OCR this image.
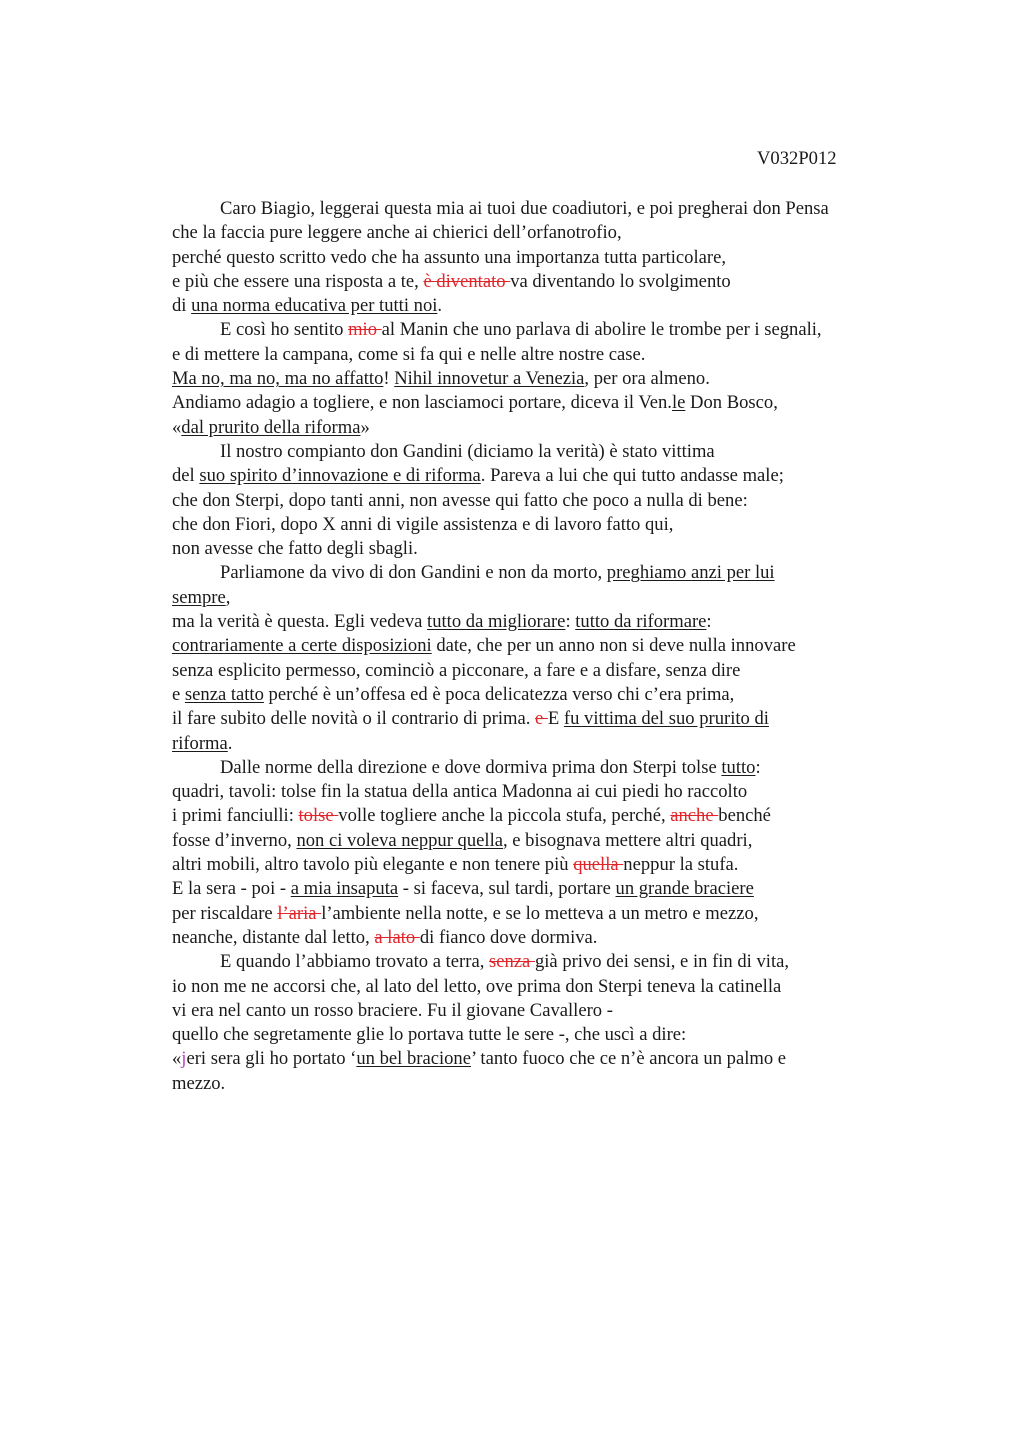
V032P012
Caro Biagio, leggerai questa mia ai tuoi due coadiutori, e poi pregherai don Pensa
che la faccia pure leggere anche ai chierici dell’orfanotrofio,
perché questo scritto vedo che ha assunto una importanza tutta particolare,
e più che essere una risposta a te, è diventato va diventando lo svolgimento
di una norma educativa per tutti noi.
E così ho sentito mio al Manin che uno parlava di abolire le trombe per i segnali,
e di mettere la campana, come si fa qui e nelle altre nostre case.
Ma no, ma no, ma no affatto! Nihil innovetur a Venezia, per ora almeno.
Andiamo adagio a togliere, e non lasciamoci portare, diceva il Ven.le Don Bosco,
«dal prurito della riforma»
Il nostro compianto don Gandini (diciamo la verità) è stato vittima
del suo spirito d’innovazione e di riforma. Pareva a lui che qui tutto andasse male;
che don Sterpi, dopo tanti anni, non avesse qui fatto che poco a nulla di bene:
che don Fiori, dopo X anni di vigile assistenza e di lavoro fatto qui,
non avesse che fatto degli sbagli.
Parliamone da vivo di don Gandini e non da morto, preghiamo anzi per lui
sempre,
ma la verità è questa. Egli vedeva tutto da migliorare: tutto da riformare:
contrariamente a certe disposizioni date, che per un anno non si deve nulla innovare
senza esplicito permesso, cominciò a picconare, a fare e a disfare, senza dire
e senza tatto perché è un’offesa ed è poca delicatezza verso chi c’era prima,
il fare subito delle novità o il contrario di prima. e E fu vittima del suo prurito di
riforma.
Dalle norme della direzione e dove dormiva prima don Sterpi tolse tutto:
quadri, tavoli: tolse fin la statua della antica Madonna ai cui piedi ho raccolto
i primi fanciulli: tolse volle togliere anche la piccola stufa, perché, anche benché
fosse d’inverno, non ci voleva neppur quella, e bisognava mettere altri quadri,
altri mobili, altro tavolo più elegante e non tenere più quella neppur la stufa.
E la sera - poi - a mia insaputa - si faceva, sul tardi, portare un grande braciere
per riscaldare l’aria l’ambiente nella notte, e se lo metteva a un metro e mezzo,
neanche, distante dal letto, a lato di fianco dove dormiva.
E quando l’abbiamo trovato a terra, senza già privo dei sensi, e in fin di vita,
io non me ne accorsi che, al lato del letto, ove prima don Sterpi teneva la catinella
vi era nel canto un rosso braciere. Fu il giovane Cavallero -
quello che segretamente glie lo portava tutte le sere -, che uscì a dire:
«jeri sera gli ho portato ‘un bel bracione’ tanto fuoco che ce n’è ancora un palmo e
mezzo.
